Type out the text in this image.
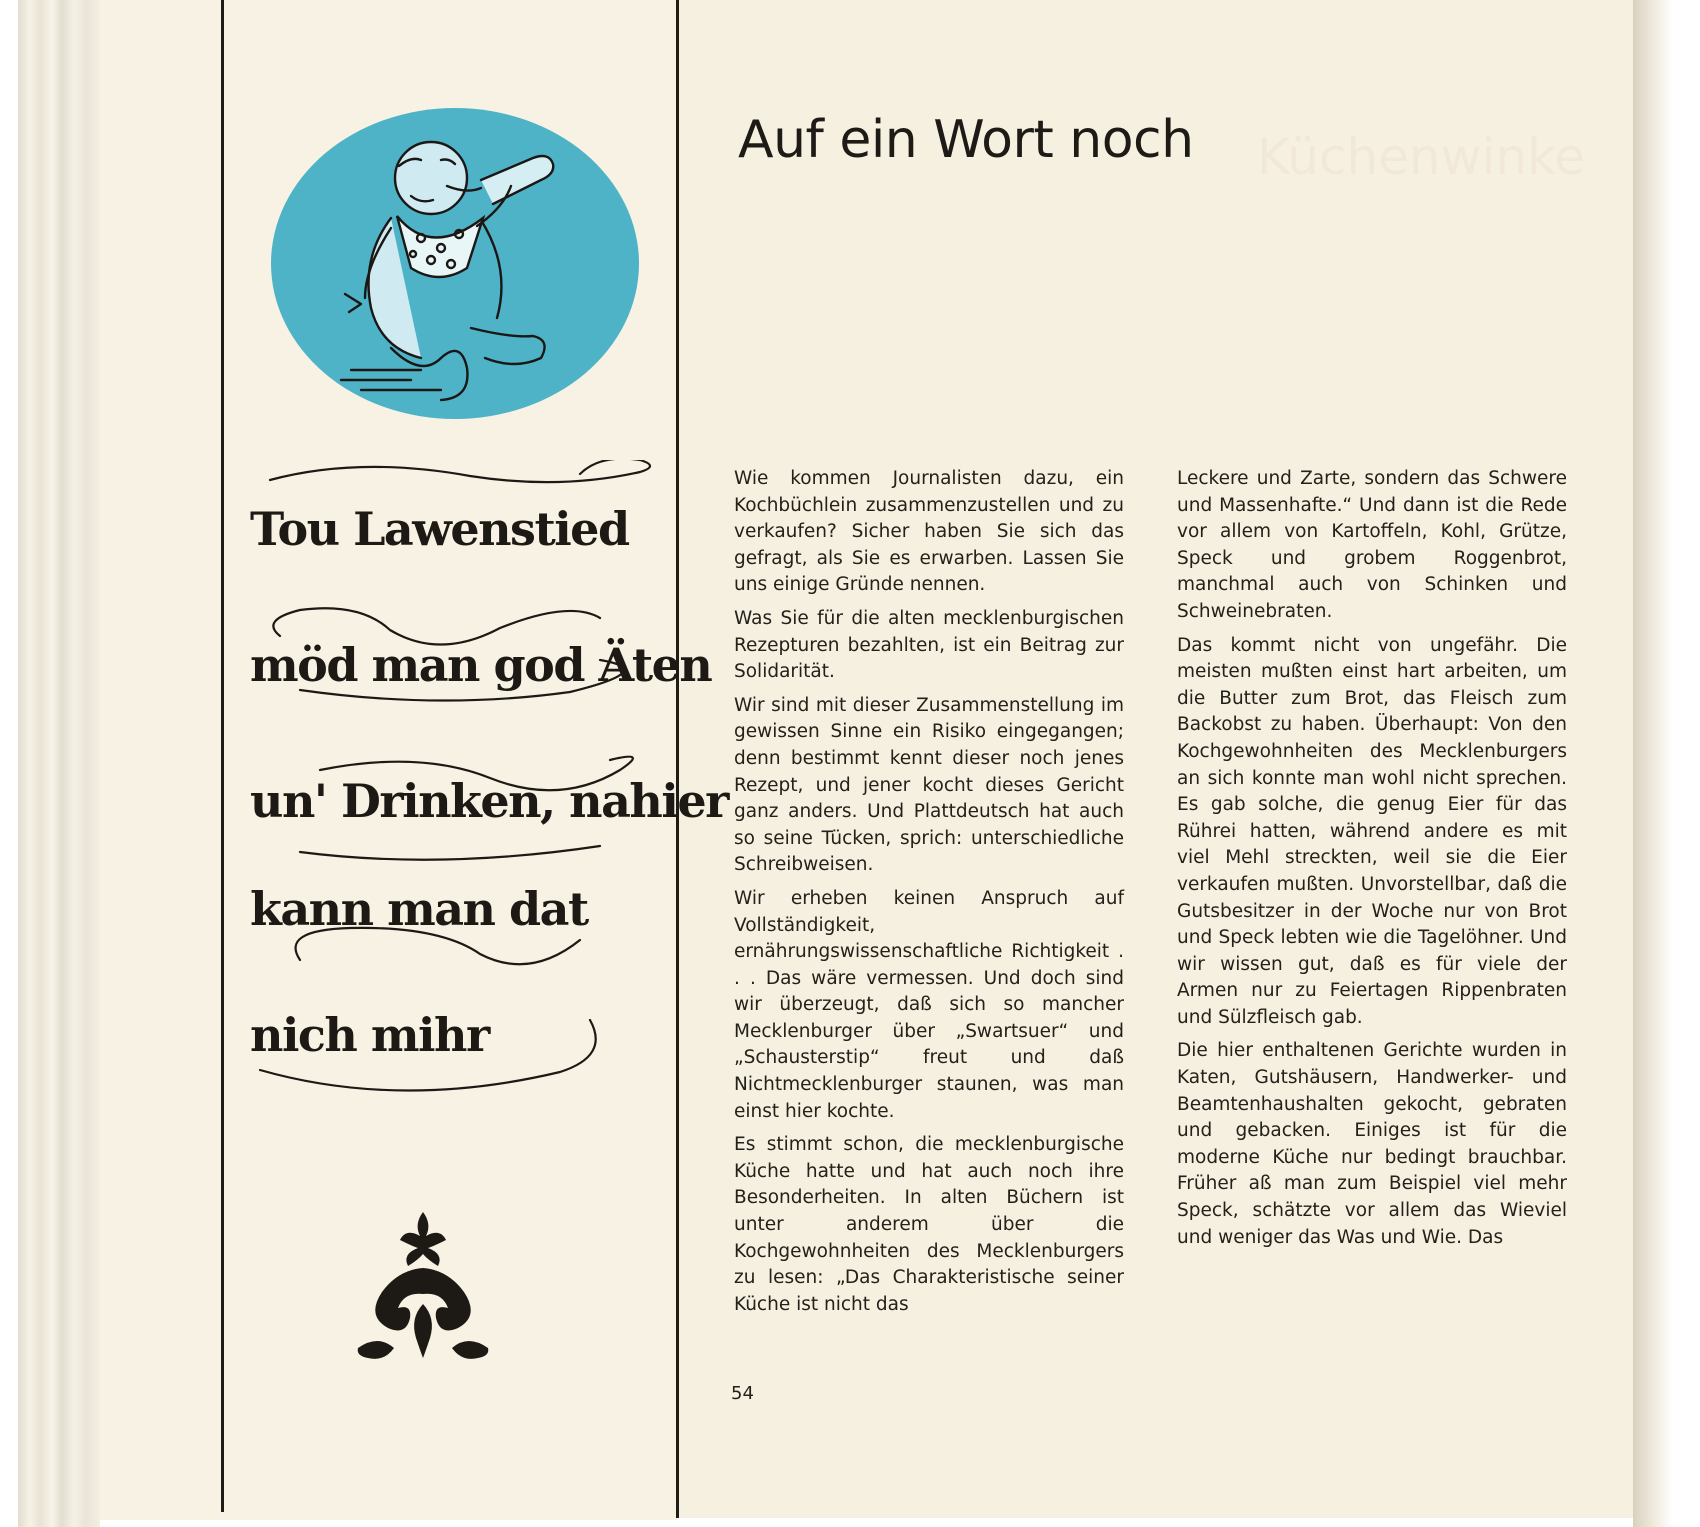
Tou Lawenstied
möd man god Äten
un' Drinken, nahier
kann man dat
nich mihr
Küchenwinke
Auf ein Wort noch

Wie kommen Journalisten dazu, ein Kochbüchlein zusammenzustellen und zu verkaufen? Sicher haben Sie sich das gefragt, als Sie es erwarben. Lassen Sie uns einige Gründe nennen.

Was Sie für die alten mecklenburgischen Rezepturen bezahlten, ist ein Beitrag zur Solidarität.

Wir sind mit dieser Zusammenstellung im gewissen Sinne ein Risiko eingegangen; denn bestimmt kennt dieser noch jenes Rezept, und jener kocht dieses Gericht ganz anders. Und Plattdeutsch hat auch so seine Tücken, sprich: unterschiedliche Schreibweisen.

Wir erheben keinen Anspruch auf Vollständigkeit, ernährungswissenschaftliche Richtigkeit . . . Das wäre vermessen. Und doch sind wir überzeugt, daß sich so mancher Mecklenburger über „Swartsuer“ und „Schausterstip“ freut und daß Nichtmecklenburger staunen, was man einst hier kochte.

Es stimmt schon, die mecklenburgische Küche hatte und hat auch noch ihre Besonderheiten. In alten Büchern ist unter anderem über die Kochgewohnheiten des Mecklenburgers zu lesen: „Das Charakteristische seiner Küche ist nicht das

Leckere und Zarte, sondern das Schwere und Massenhafte.“ Und dann ist die Rede vor allem von Kartoffeln, Kohl, Grütze, Speck und grobem Roggenbrot, manchmal auch von Schinken und Schweinebraten.

Das kommt nicht von ungefähr. Die meisten mußten einst hart arbeiten, um die Butter zum Brot, das Fleisch zum Backobst zu haben. Überhaupt: Von den Kochgewohnheiten des Mecklenburgers an sich konnte man wohl nicht sprechen. Es gab solche, die genug Eier für das Rührei hatten, während andere es mit viel Mehl streckten, weil sie die Eier verkaufen mußten. Unvorstellbar, daß die Gutsbesitzer in der Woche nur von Brot und Speck lebten wie die Tagelöhner. Und wir wissen gut, daß es für viele der Armen nur zu Feiertagen Rippenbraten und Sülzfleisch gab.

Die hier enthaltenen Gerichte wurden in Katen, Gutshäusern, Handwerker- und Beamtenhaushalten gekocht, gebraten und gebacken. Einiges ist für die moderne Küche nur bedingt brauchbar. Früher aß man zum Beispiel viel mehr Speck, schätzte vor allem das Wieviel und weniger das Was und Wie. Das

54
